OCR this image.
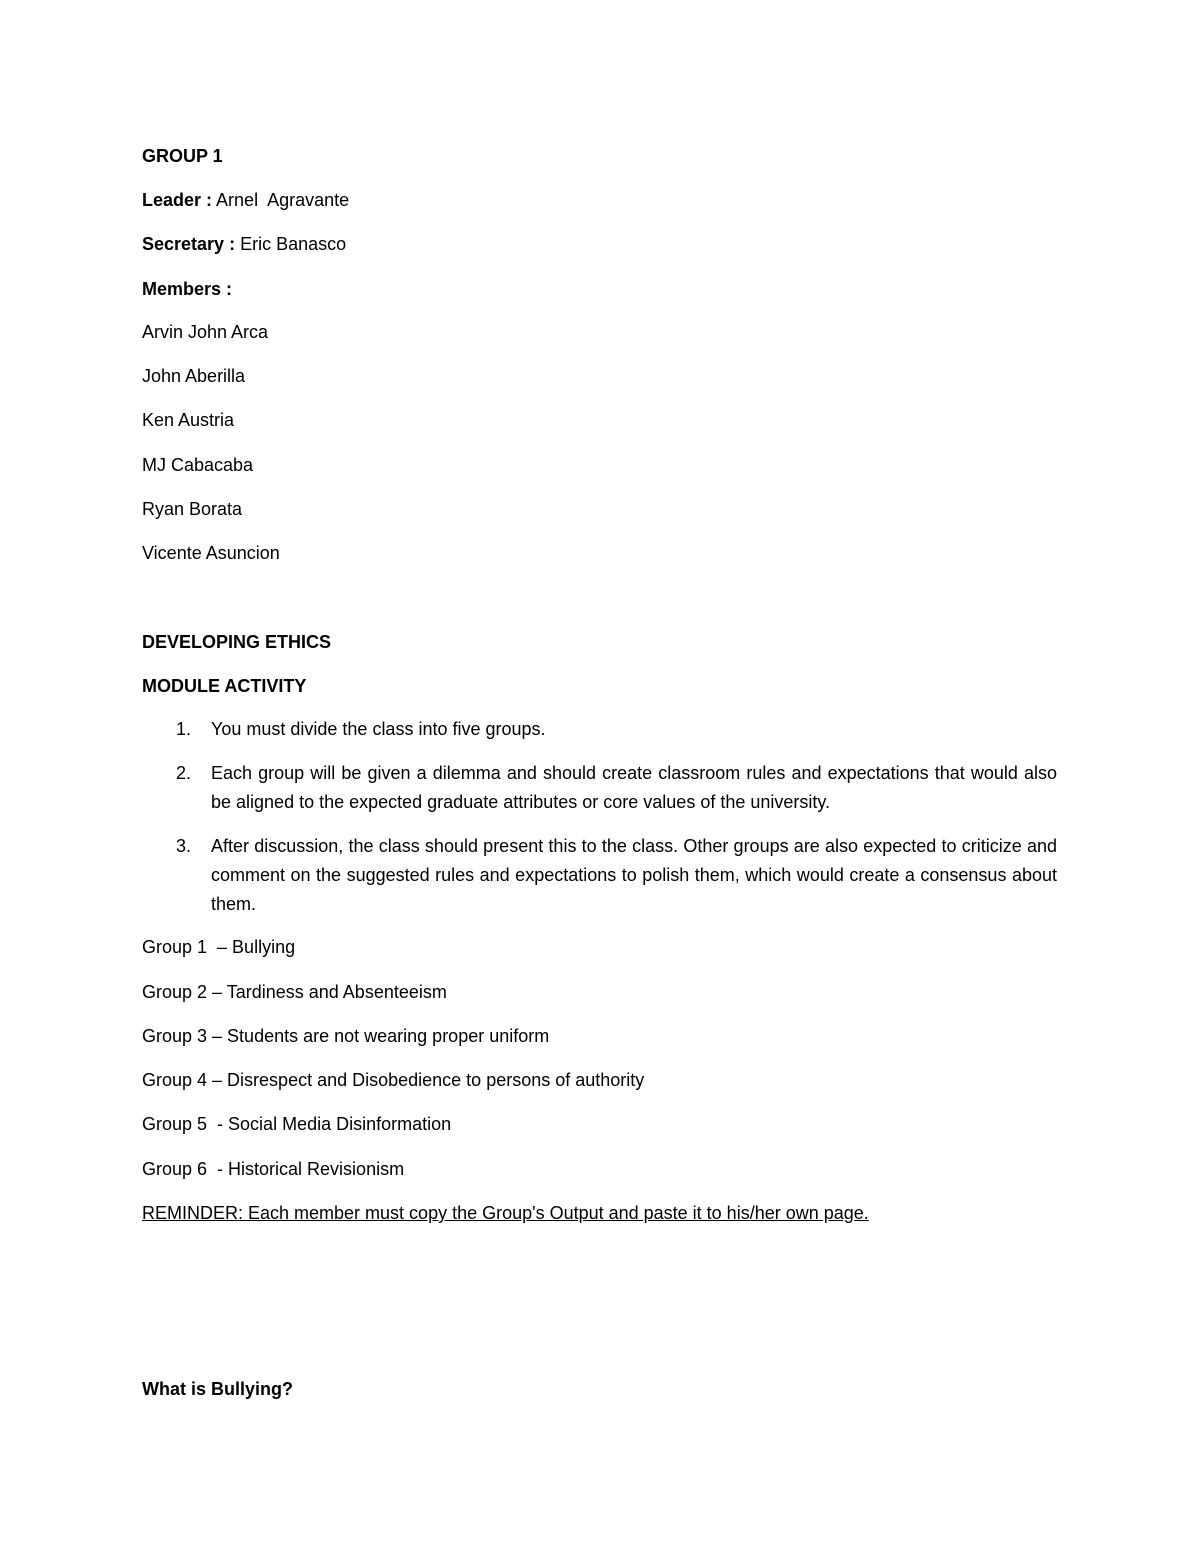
GROUP 1
Leader : Arnel  Agravante
Secretary : Eric Banasco
Members :
Arvin John Arca
John Aberilla
Ken Austria
MJ Cabacaba
Ryan Borata
Vicente Asuncion
DEVELOPING ETHICS
MODULE ACTIVITY
1.	You must divide the class into five groups.
2.	Each group will be given a dilemma and should create classroom rules and expectations that would also be aligned to the expected graduate attributes or core values of the university.
3.	After discussion, the class should present this to the class. Other groups are also expected to criticize and comment on the suggested rules and expectations to polish them, which would create a consensus about them.
Group 1  – Bullying
Group 2 – Tardiness and Absenteeism
Group 3 – Students are not wearing proper uniform
Group 4 – Disrespect and Disobedience to persons of authority
Group 5  - Social Media Disinformation
Group 6  - Historical Revisionism
REMINDER: Each member must copy the Group's Output and paste it to his/her own page.
What is Bullying?
